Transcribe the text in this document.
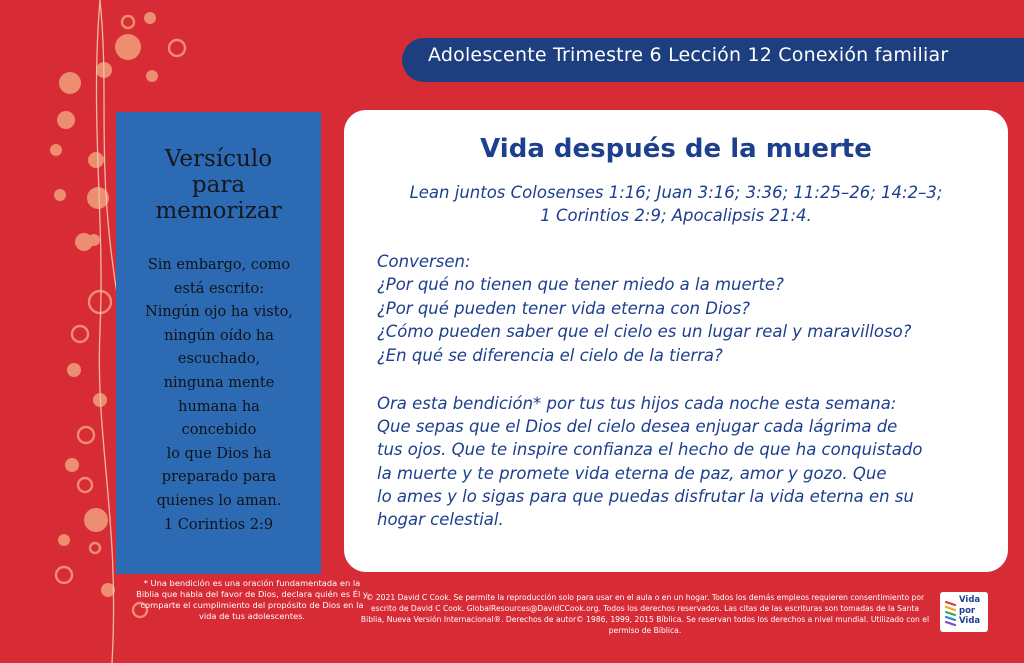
Adolescente Trimestre 6 Lección 12 Conexión familiar
Versículo
para
memorizar
Sin embargo, como
está escrito:
Ningún ojo ha visto,
ningún oído ha
escuchado,
ninguna mente
humana ha
concebido
lo que Dios ha
preparado para
quienes lo aman.
1 Corintios 2:9
Vida después de la muerte
Lean juntos Colosenses 1:16; Juan 3:16; 3:36; 11:25–26; 14:2–3;
1 Corintios 2:9; Apocalipsis 21:4.
Conversen:
¿Por qué no tienen que tener miedo a la muerte?
¿Por qué pueden tener vida eterna con Dios?
¿Cómo pueden saber que el cielo es un lugar real y maravilloso?
¿En qué se diferencia el cielo de la tierra?
Ora esta bendición* por tus tus hijos cada noche esta semana:
Que sepas que el Dios del cielo desea enjugar cada lágrima de
tus ojos. Que te inspire confianza el hecho de que ha conquistado
la muerte y te promete vida eterna de paz, amor y gozo. Que
lo ames y lo sigas para que puedas disfrutar la vida eterna en su
hogar celestial.
* Una bendición es una oración fundamentada en la Biblia que habla del favor de Dios, declara quién es Él y comparte el cumplimiento del propósito de Dios en la vida de tus adolescentes.
© 2021 David C Cook. Se permite la reproducción solo para usar en el aula o en un hogar. Todos los demás empleos requieren consentimiento por escrito de David C Cook. GlobalResources@DavidCCook.org. Todos los derechos reservados. Las citas de las escrituras son tomadas de la Santa Biblia, Nueva Versión Internacional®. Derechos de autor© 1986, 1999, 2015 Bíblica. Se reservan todos los derechos a nivel mundial. Utilizado con el permiso de Bíblica.
Vida
por
Vida
